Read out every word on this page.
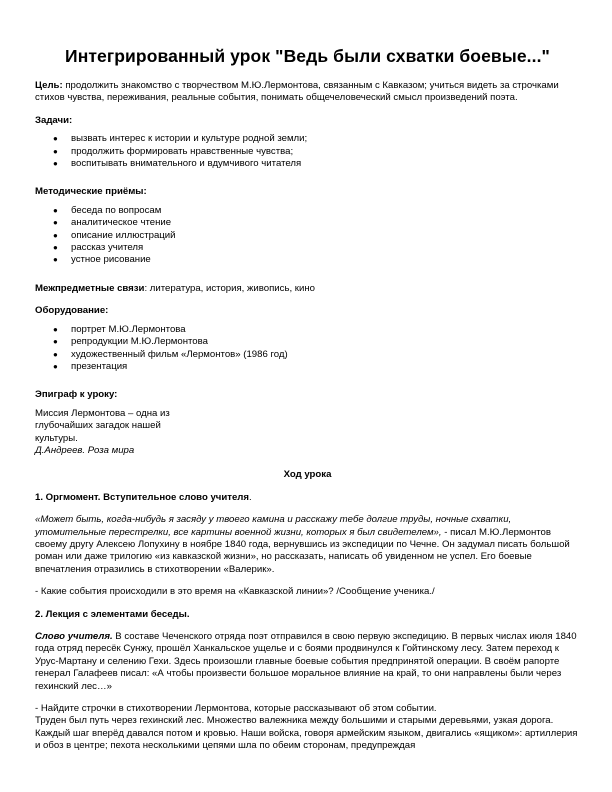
Интегрированный урок "Ведь были схватки боевые..."

Цель: продолжить знакомство с творчеством М.Ю.Лермонтова, связанным с Кавказом; учиться видеть за строчками стихов чувства, переживания, реальные события, понимать общечеловеческий смысл произведений поэта.

Задачи:
● вызвать интерес к истории и культуре родной земли;
● продолжить формировать нравственные чувства;
● воспитывать внимательного и вдумчивого читателя
Методические приёмы:
● беседа по вопросам
● аналитическое чтение
● описание иллюстраций
● рассказ учителя
● устное рисование

Межпредметные связи: литература, история, живопись, кино

Оборудование:
● портрет М.Ю.Лермонтова
● репродукции М.Ю.Лермонтова
● художественный фильм «Лермонтов» (1986 год)
● презентация
Эпиграф к уроку:
Миссия Лермонтова – одна из глубочайших загадок нашей культуры.
Д.Андреев. Роза мира
Ход урока

1. Оргмомент. Вступительное слово учителя.

«Может быть, когда-нибудь я засяду у твоего камина и расскажу тебе долгие труды, ночные схватки, утомительные перестрелки, все картины военной жизни, которых я был свидетелем», - писал М.Ю.Лермонтов своему другу Алексею Лопухину в ноябре 1840 года, вернувшись из экспедиции по Чечне. Он задумал писать большой роман или даже трилогию «из кавказской жизни», но рассказать, написать об увиденном не успел. Его боевые впечатления отразились в стихотворении «Валерик».

- Какие события происходили в это время на «Кавказской линии»? /Сообщение ученика./

2. Лекция с элементами беседы.

Слово учителя. В составе Чеченского отряда поэт отправился в свою первую экспедицию. В первых числах июля 1840 года отряд пересёк Сунжу, прошёл Ханкальское ущелье и с боями продвинулся к Гойтинскому лесу. Затем переход к Урус-Мартану и селению Гехи. Здесь произошли главные боевые события предпринятой операции. В своём рапорте генерал Галафеев писал: «А чтобы произвести большое моральное влияние на край, то они направлены были через гехинский лес…»

- Найдите строчки в стихотворении Лермонтова, которые рассказывают об этом событии.
Труден был путь через гехинский лес. Множество валежника между большими и старыми деревьями, узкая дорога. Каждый шаг вперёд давался потом и кровью. Наши войска, говоря армейским языком, двигались «ящиком»: артиллерия и обоз в центре; пехота несколькими цепями шла по обеим сторонам, предупреждая
